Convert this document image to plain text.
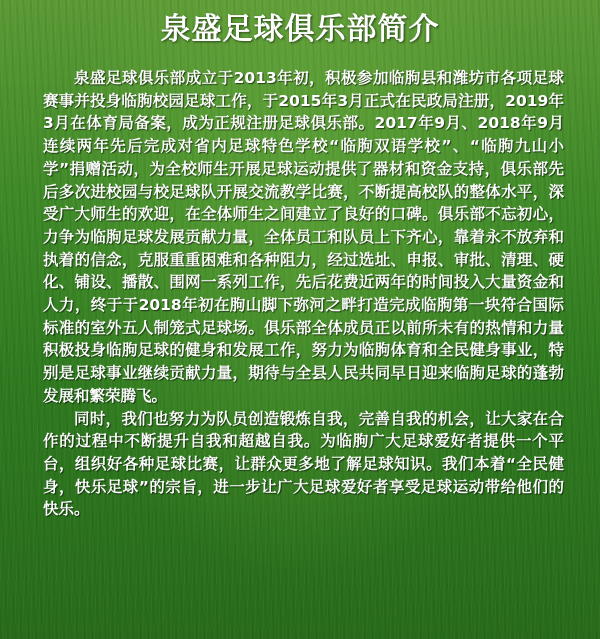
泉盛足球俱乐部简介

泉盛足球俱乐部成立于2013年初，积极参加临朐县和潍坊市各项足球赛事并投身临朐校园足球工作，于2015年3月正式在民政局注册，2019年3月在体育局备案，成为正规注册足球俱乐部。2017年9月、2018年9月连续两年先后完成对省内足球特色学校“临朐双语学校”、“临朐九山小学”捐赠活动，为全校师生开展足球运动提供了器材和资金支持，俱乐部先后多次进校园与校足球队开展交流教学比赛，不断提高校队的整体水平，深受广大师生的欢迎，在全体师生之间建立了良好的口碑。俱乐部不忘初心，力争为临朐足球发展贡献力量，全体员工和队员上下齐心，靠着永不放弃和执着的信念，克服重重困难和各种阻力，经过选址、申报、审批、清理、硬化、铺设、播散、围网一系列工作，先后花费近两年的时间投入大量资金和人力，终于于2018年初在朐山脚下弥河之畔打造完成临朐第一块符合国际标准的室外五人制笼式足球场。俱乐部全体成员正以前所未有的热情和力量积极投身临朐足球的健身和发展工作，努力为临朐体育和全民健身事业，特别是足球事业继续贡献力量，期待与全县人民共同早日迎来临朐足球的蓬勃发展和繁荣腾飞。

同时，我们也努力为队员创造锻炼自我，完善自我的机会，让大家在合作的过程中不断提升自我和超越自我。为临朐广大足球爱好者提供一个平台，组织好各种足球比赛，让群众更多地了解足球知识。我们本着“全民健身，快乐足球”的宗旨，进一步让广大足球爱好者享受足球运动带给他们的快乐。
